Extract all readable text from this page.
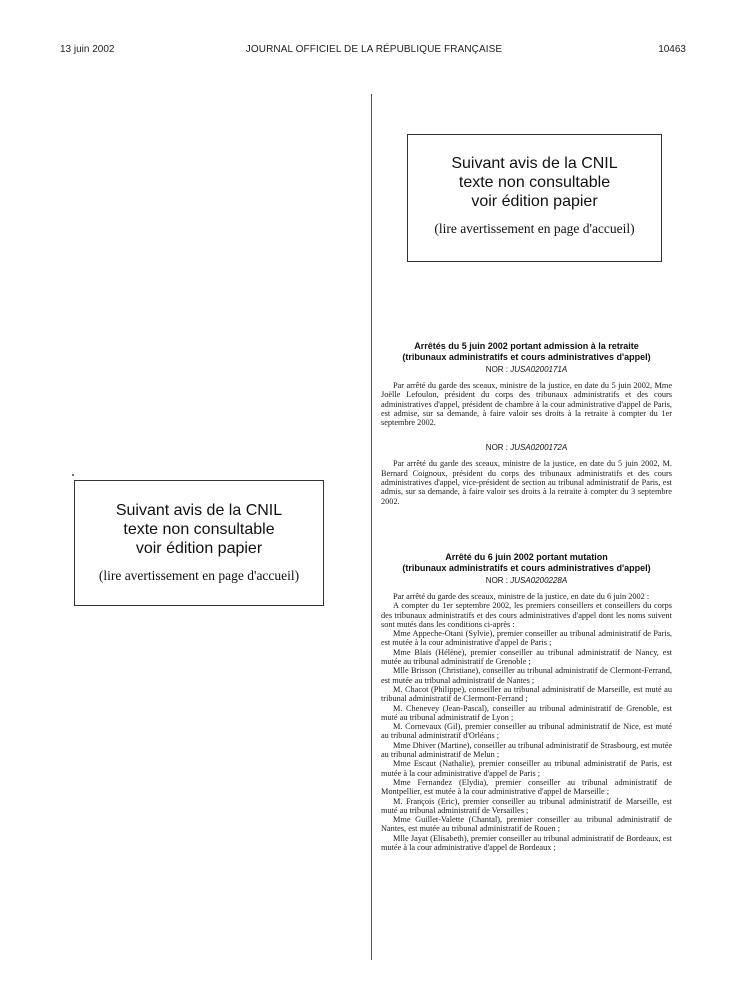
13 juin 2002	JOURNAL OFFICIEL DE LA RÉPUBLIQUE FRANÇAISE	10463
Suivant avis de la CNIL
texte non consultable
voir édition papier
(lire avertissement en page d'accueil)
Suivant avis de la CNIL
texte non consultable
voir édition papier
(lire avertissement en page d'accueil)

Arrêtés du 5 juin 2002 portant admission à la retraite

(tribunaux administratifs et cours administratives d'appel)

NOR : JUSA0200171A

Par arrêté du garde des sceaux, ministre de la justice, en date du 5 juin 2002, Mme Joëlle Lefoulon, président du corps des tribunaux administratifs et des cours administratives d'appel, président de chambre à la cour administrative d'appel de Paris, est admise, sur sa demande, à faire valoir ses droits à la retraite à compter du 1er septembre 2002.

NOR : JUSA0200172A

Par arrêté du garde des sceaux, ministre de la justice, en date du 5 juin 2002, M. Bernard Coignoux, président du corps des tribunaux administratifs et des cours administratives d'appel, vice-président de section au tribunal administratif de Paris, est admis, sur sa demande, à faire valoir ses droits à la retraite à compter du 3 septembre 2002.

Arrêté du 6 juin 2002 portant mutation

(tribunaux administratifs et cours administratives d'appel)

NOR : JUSA0200228A

Par arrêté du garde des sceaux, ministre de la justice, en date du 6 juin 2002 :

A compter du 1er septembre 2002, les premiers conseillers et conseillers du corps des tribunaux administratifs et des cours administratives d'appel dont les noms suivent sont mutés dans les conditions ci-après :

Mme Appeche-Otani (Sylvie), premier conseiller au tribunal administratif de Paris, est mutée à la cour administrative d'appel de Paris ;

Mme Blais (Hélène), premier conseiller au tribunal administratif de Nancy, est mutée au tribunal administratif de Grenoble ;

Mlle Brisson (Christiane), conseiller au tribunal administratif de Clermont-Ferrand, est mutée au tribunal administratif de Nantes ;

M. Chacot (Philippe), conseiller au tribunal administratif de Marseille, est muté au tribunal administratif de Clermont-Ferrand ;

M. Chenevey (Jean-Pascal), conseiller au tribunal administratif de Grenoble, est muté au tribunal administratif de Lyon ;

M. Cornevaux (Gil), premier conseiller au tribunal administratif de Nice, est muté au tribunal administratif d'Orléans ;

Mme Dhiver (Martine), conseiller au tribunal administratif de Strasbourg, est mutée au tribunal administratif de Melun ;

Mme Escaut (Nathalie), premier conseiller au tribunal administratif de Paris, est mutée à la cour administrative d'appel de Paris ;

Mme Fernandez (Elydia), premier conseiller au tribunal administratif de Montpellier, est mutée à la cour administrative d'appel de Marseille ;

M. François (Eric), premier conseiller au tribunal administratif de Marseille, est muté au tribunal administratif de Versailles ;

Mme Guillet-Valette (Chantal), premier conseiller au tribunal administratif de Nantes, est mutée au tribunal administratif de Rouen ;

Mlle Jayat (Elisabeth), premier conseiller au tribunal administratif de Bordeaux, est mutée à la cour administrative d'appel de Bordeaux ;
